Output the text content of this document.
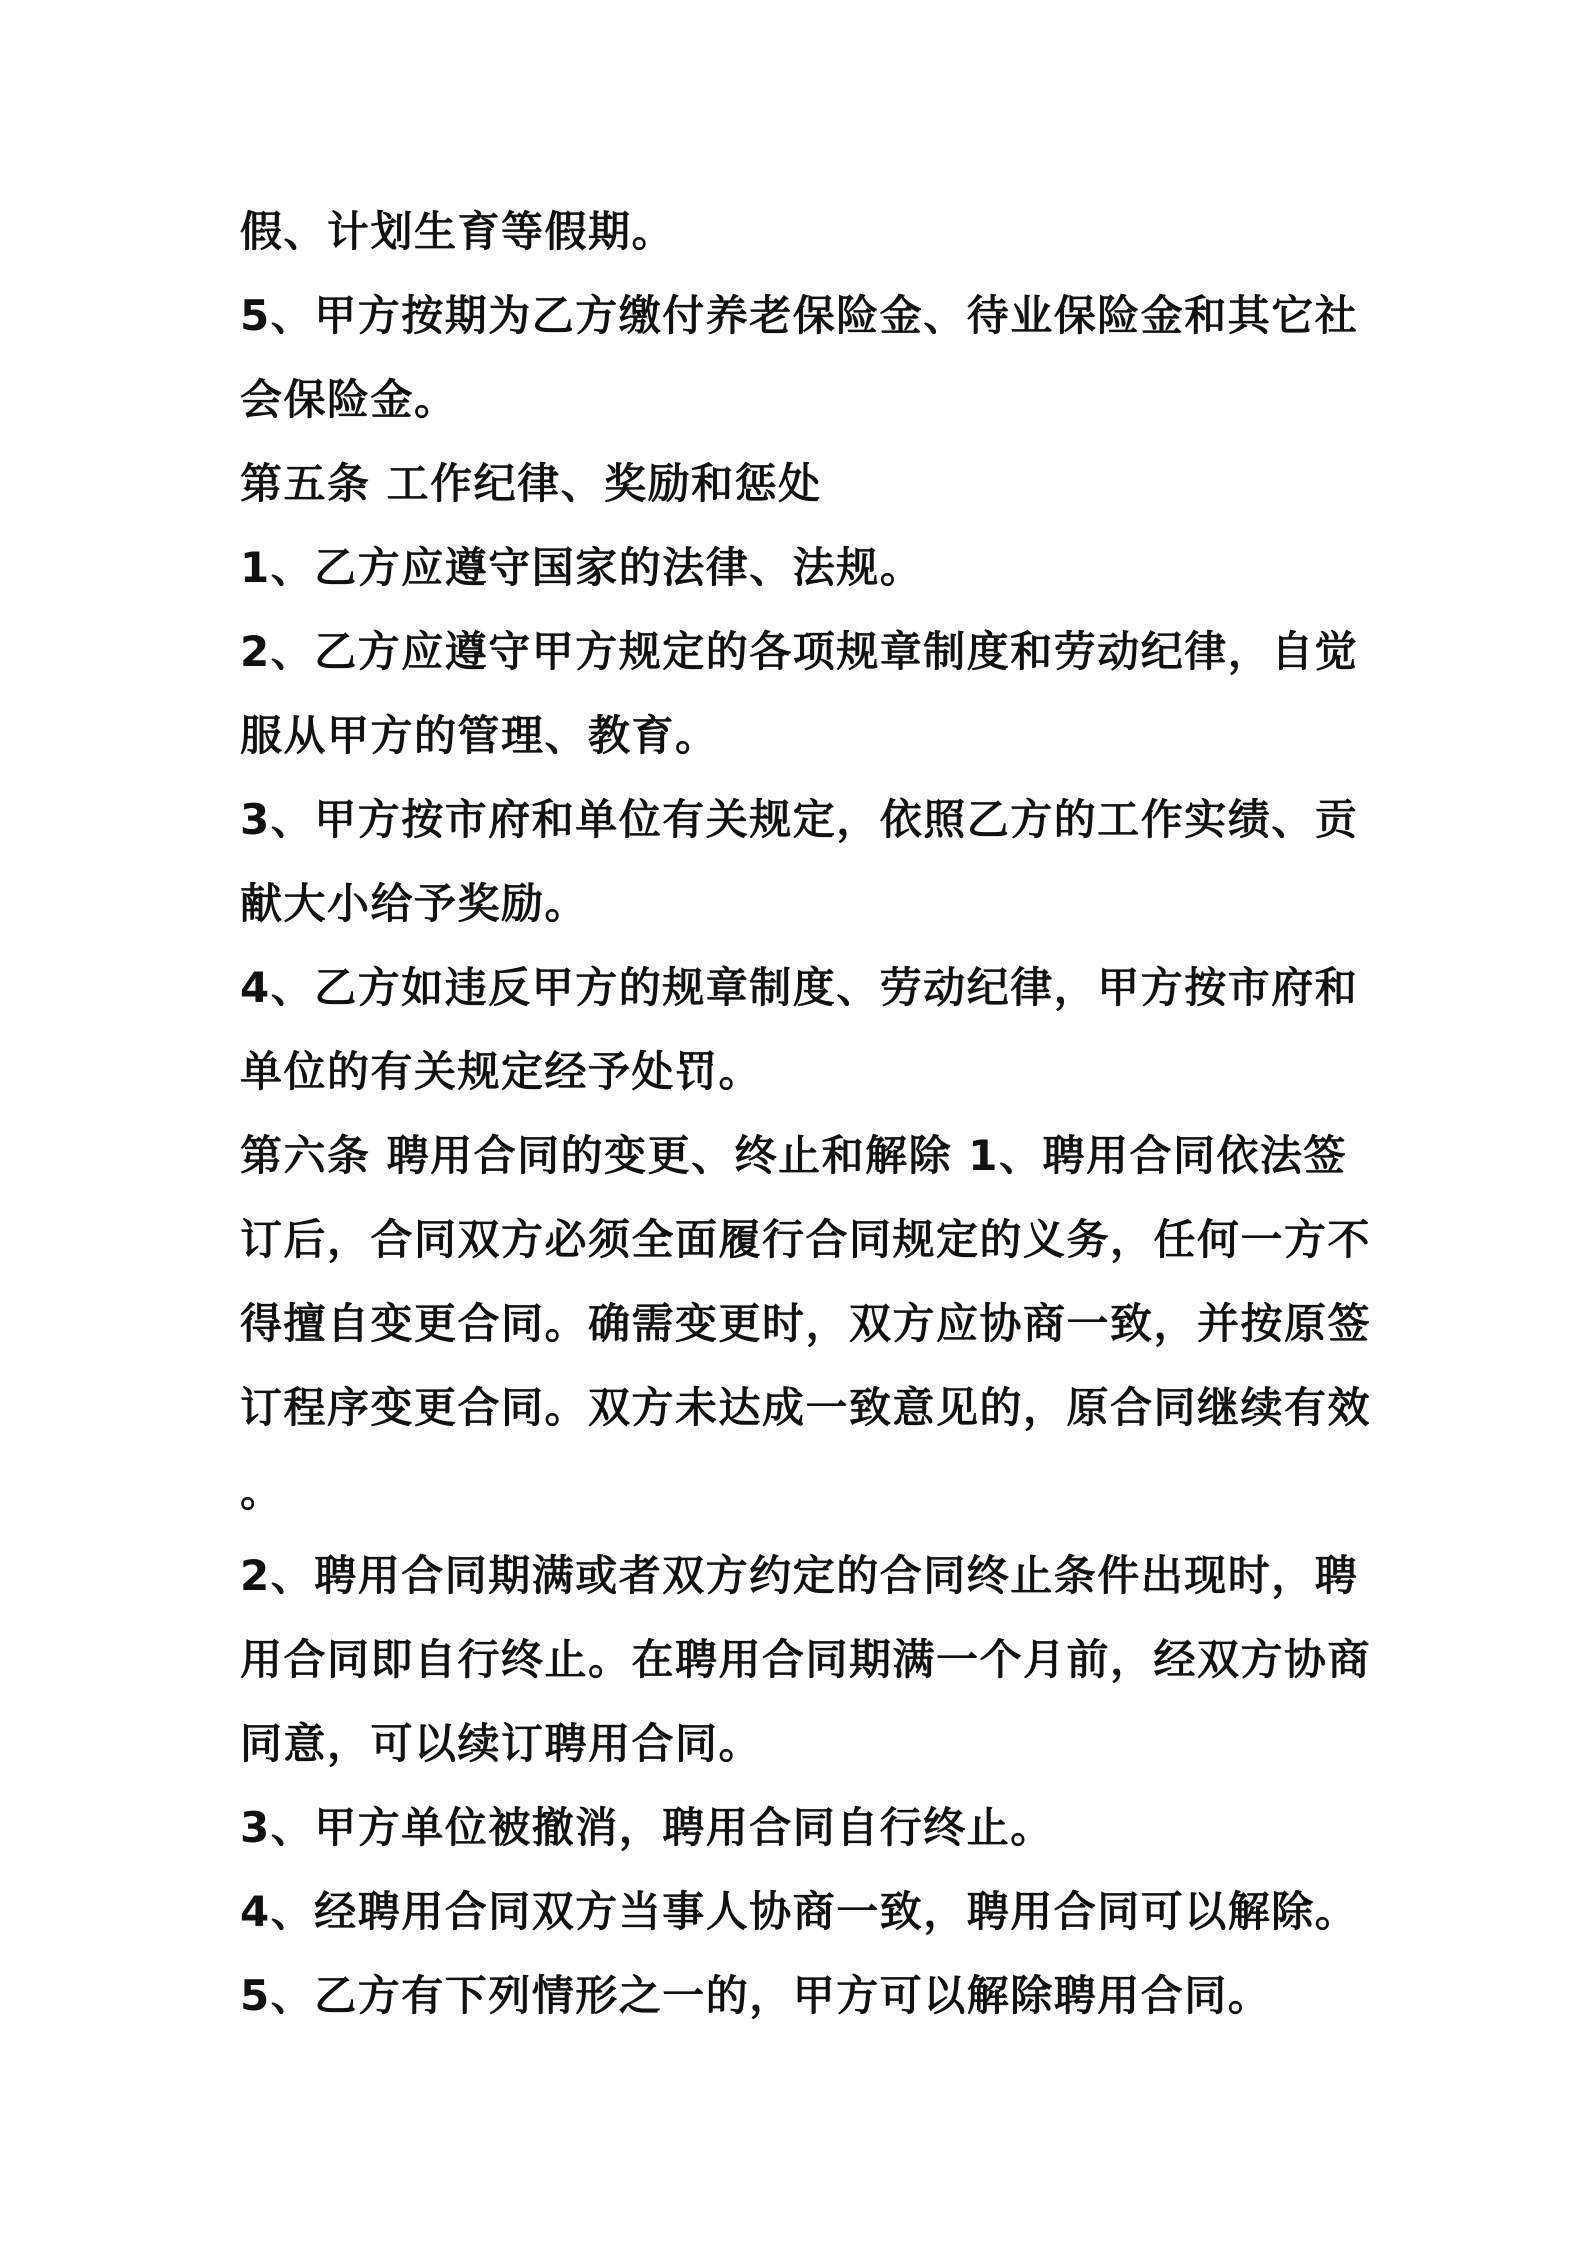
假、计划生育等假期。

5、甲方按期为乙方缴付养老保险金、待业保险金和其它社

会保险金。

第五条 工作纪律、奖励和惩处

1、乙方应遵守国家的法律、法规。

2、乙方应遵守甲方规定的各项规章制度和劳动纪律，自觉

服从甲方的管理、教育。

3、甲方按市府和单位有关规定，依照乙方的工作实绩、贡

献大小给予奖励。

4、乙方如违反甲方的规章制度、劳动纪律，甲方按市府和

单位的有关规定经予处罚。

第六条 聘用合同的变更、终止和解除 1、聘用合同依法签

订后，合同双方必须全面履行合同规定的义务，任何一方不

得擅自变更合同。确需变更时，双方应协商一致，并按原签

订程序变更合同。双方未达成一致意见的，原合同继续有效

。

2、聘用合同期满或者双方约定的合同终止条件出现时，聘

用合同即自行终止。在聘用合同期满一个月前，经双方协商

同意，可以续订聘用合同。

3、甲方单位被撤消，聘用合同自行终止。

4、经聘用合同双方当事人协商一致，聘用合同可以解除。

5、乙方有下列情形之一的，甲方可以解除聘用合同。
